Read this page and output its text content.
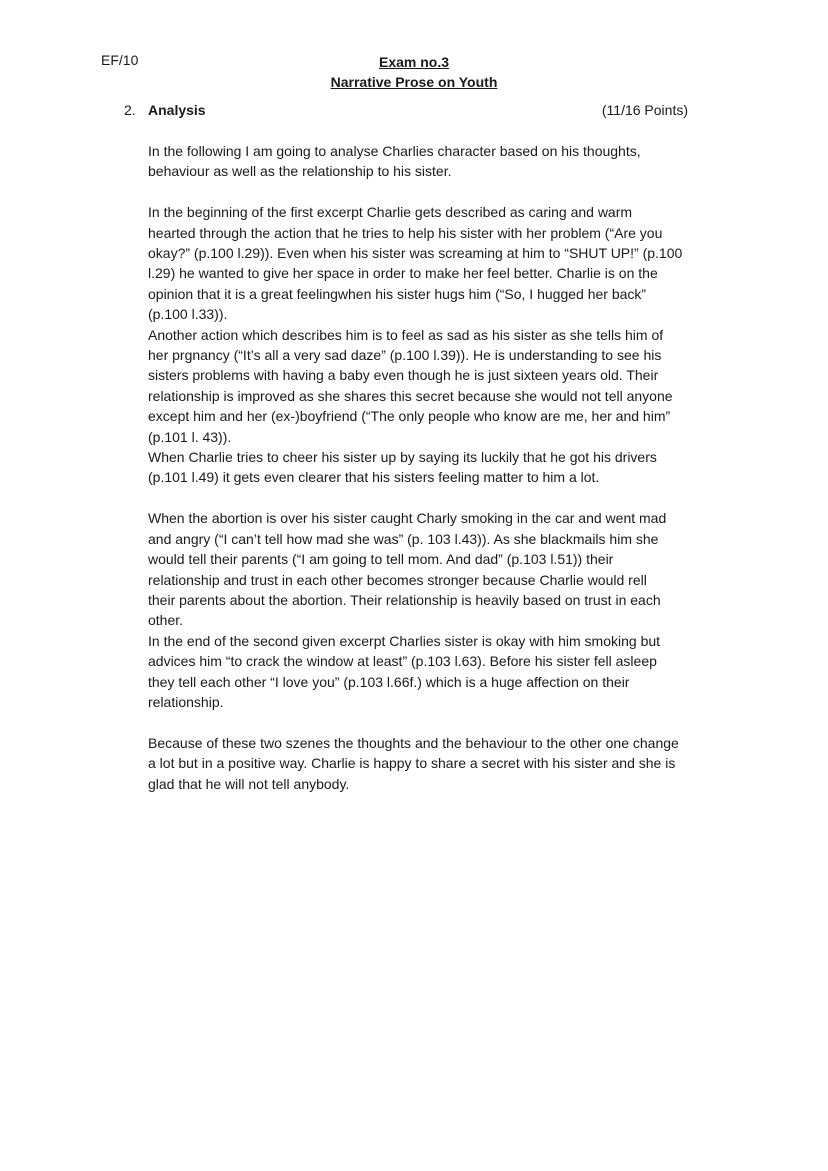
EF/10	Exam no.3
Narrative Prose on Youth
2. Analysis	(11/16 Points)

In the following I am going to analyse Charlies character based on his thoughts,
behaviour as well as the relationship to his sister.

In the beginning of the first excerpt Charlie gets described as caring and warm
hearted through the action that he tries to help his sister with her problem (“Are you
okay?” (p.100 l.29)). Even when his sister was screaming at him to “SHUT UP!” (p.100
l.29) he wanted to give her space in order to make her feel better. Charlie is on the
opinion that it is a great feelingwhen his sister hugs him (“So, I hugged her back”
(p.100 l.33)).
Another action which describes him is to feel as sad as his sister as she tells him of
her prgnancy (“It’s all a very sad daze” (p.100 l.39)). He is understanding to see his
sisters problems with having a baby even though he is just sixteen years old. Their
relationship is improved as she shares this secret because she would not tell anyone
except him and her (ex-)boyfriend (“The only people who know are me, her and him”
(p.101 l. 43)).
When Charlie tries to cheer his sister up by saying its luckily that he got his drivers
(p.101 l.49) it gets even clearer that his sisters feeling matter to him a lot.

When the abortion is over his sister caught Charly smoking in the car and went mad
and angry (“I can’t tell how mad she was” (p. 103 l.43)). As she blackmails him she
would tell their parents (“I am going to tell mom. And dad” (p.103 l.51)) their
relationship and trust in each other becomes stronger because Charlie would rell
their parents about the abortion. Their relationship is heavily based on trust in each
other.
In the end of the second given excerpt Charlies sister is okay with him smoking but
advices him “to crack the window at least” (p.103 l.63). Before his sister fell asleep
they tell each other “I love you” (p.103 l.66f.) which is a huge affection on their
relationship.

Because of these two szenes the thoughts and the behaviour to the other one change
a lot but in a positive way. Charlie is happy to share a secret with his sister and she is
glad that he will not tell anybody.
